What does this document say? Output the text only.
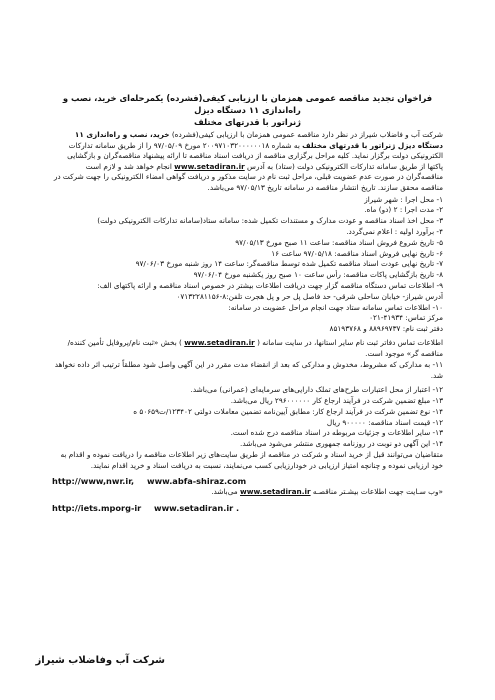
فراخوان تجدید مناقصه عمومی همزمان با ارزیابی کیفی(فشرده) یکمرحله‌ای خرید، نصب و راه‌اندازی ۱۱ دستگاه دیزل
ژنراتور با قدرتهای مختلف

شرکت آب و فاضلاب شیراز در نظر دارد مناقصه عمومی همزمان با ارزیابی کیفی(فشرده) خرید، نصب و راه‌اندازی ۱۱ دستگاه دیزل ژنراتور با قدرتهای مختلف به شماره ۲۰۰۹۷۱۰۳۲۰۰۰۰۰۰۱۸ مورخ ۹۷/۰۵/۰۹ را از طریق سامانه تدارکات الکترونیکی دولت برگزار نماید. کلیه مراحل برگزاری مناقصه از دریافت اسناد مناقصه تا ارائه پیشنهاد مناقصه‌گران و بازگشایی پاکتها از طریق سامانه تدارکات الکترونیکی دولت (ستاد) به آدرس www.setadiran.ir انجام خواهد شد و لازم است مناقصه‌گران در صورت عدم عضویت قبلی، مراحل ثبت نام در سایت مذکور و دریافت گواهی امضاء الکترونیکی را جهت شرکت در مناقصه محقق سازند. تاریخ انتشار مناقصه در سامانه تاریخ ۹۷/۰۵/۱۳ می‌باشد.

۱- محل اجرا : شهر شیراز
۲- مدت اجرا : ۲ (دو) ماه.
۳- محل اخذ اسناد مناقصه و عودت مدارک و مستندات تکمیل شده: سامانه ستاد(سامانه تدارکات الکترونیکی دولت)
۴- برآورد اولیه : اعلام نمی‌گردد.
۵- تاریخ شروع فروش اسناد مناقصه: ساعت ۱۱ صبح مورخ ۹۷/۰۵/۱۳
۶- تاریخ نهایی فروش اسناد مناقصه: ۹۷/۰۵/۱۸ ساعت ۱۶
۷- تاریخ نهایی عودت اسناد مناقصه تکمیل شده توسط مناقصه‌گر: ساعت ۱۴ روز شنبه مورخ ۹۷/۰۶/۰۳
۸- تاریخ بازگشایی پاکات مناقصه: رأس ساعت ۱۰ صبح روز یکشنبه مورخ ۹۷/۰۶/۰۴
۹- اطلاعات تماس دستگاه مناقصه گزار جهت دریافت اطلاعات بیشتر در خصوص اسناد مناقصه و ارائه پاکتهای الف:
آدرس شیراز- خیابان ساحلی شرقی- حد فاصل پل حر و پل هجرت تلفن:۸-۰۷۱۳۲۲۸۱۱۵۶
۱۰- اطلاعات تماس سامانه ستاد جهت انجام مراحل عضویت در سامانه:
مرکز تماس: ۴۱۹۳۴-۰۲۱
دفتر ثبت نام: ۸۸۹۶۹۷۳۷ و ۸۵۱۹۳۷۶۸

اطلاعات تماس دفاتر ثبت نام سایر استانها، در سایت سامانه ( www.setadiran.ir ) بخش «ثبت نام/پروفایل تأمین کننده/مناقصه گر» موجود است.

۱۱- به مدارکی که مشروط، مخدوش و مدارکی که بعد از انقضاء مدت مقرر در این آگهی واصل شود مطلقاً ترتیب اثر داده نخواهد شد.

۱۲- اعتبار از محل اعتبارات طرح‌های تملک دارایی‌های سرمایه‌ای (عمرانی) می‌باشد.
۱۳- مبلغ تضمین شرکت در فرآیند ارجاع کار ۲۹۶۰۰۰۰۰۰ ریال می‌باشد.
۱۴- نوع تضمین شرکت در فرآیند ارجاع کار: مطابق آیین‌نامه تضمین معاملات دولتی ۱۲۳۴۰۲/ت۵۰۶۵۹ ه
۱۲- قیمت اسناد مناقصه: ۹۰۰۰۰۰ ریال
۱۳- سایر اطلاعات و جزئیات مربوطه در اسناد مناقصه درج شده است.
۱۴- این آگهی دو نوبت در روزنامه جمهوری منتشر می‌شود می‌باشد.

متقاضیان می‌توانند قبل از خرید اسناد و شرکت در مناقصه از طریق سایت‌های زیر اطلاعات مناقصه را دریافت نموده و اقدام به خود ارزیابی نموده و چنانچه امتیاز ارزیابی در خودارزیابی کسب می‌نمایند، نسبت به دریافت اسناد و خرید اقدام نمایند.

http://www,nwr.ir, www.abfa-shiraz.com

«وب سـایت جهت اطلاعات بیشـتر مناقصـه www.setadiran.ir می‌باشد.

http://iets.mporg-ir www.setadiran.ir .
شرکت آب وفاضلاب شیراز
